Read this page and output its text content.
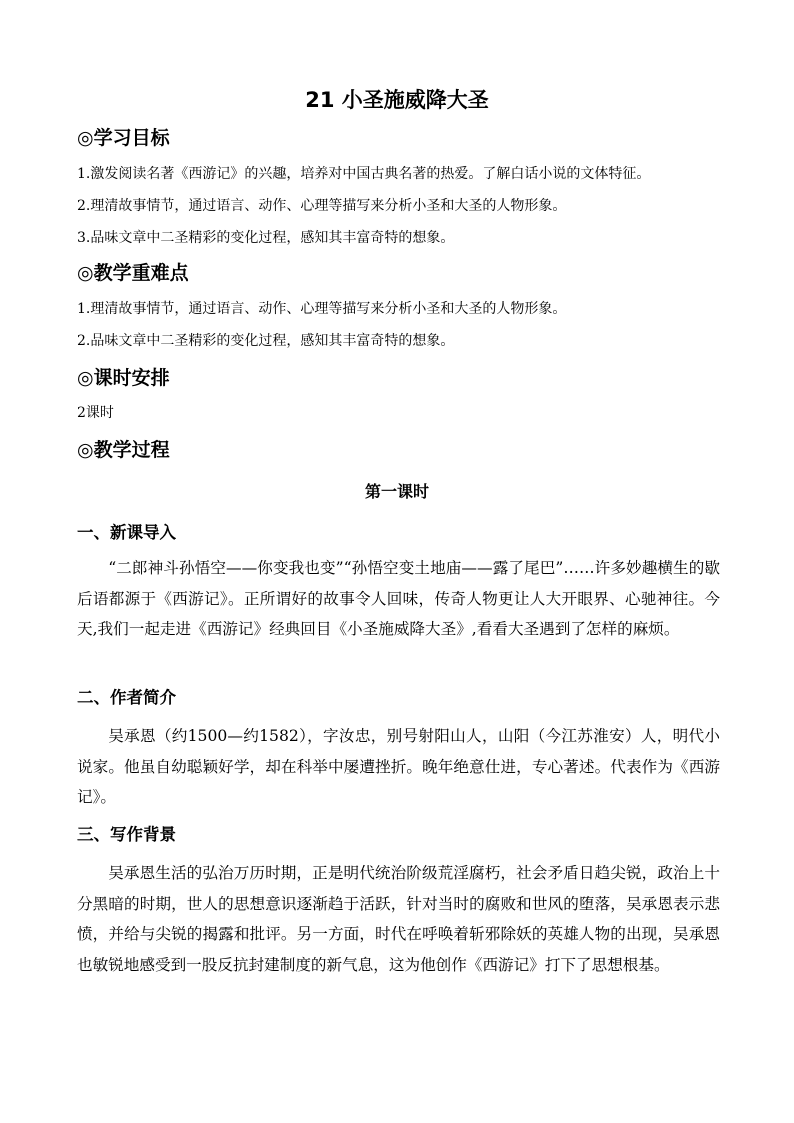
21 小圣施威降大圣
◎学习目标
1.激发阅读名著《西游记》的兴趣，培养对中国古典名著的热爱。了解白话小说的文体特征。
2.理清故事情节，通过语言、动作、心理等描写来分析小圣和大圣的人物形象。
3.品味文章中二圣精彩的变化过程，感知其丰富奇特的想象。
◎教学重难点
1.理清故事情节，通过语言、动作、心理等描写来分析小圣和大圣的人物形象。
2.品味文章中二圣精彩的变化过程，感知其丰富奇特的想象。
◎课时安排
2课时
◎教学过程
第一课时
一、新课导入
“二郎神斗孙悟空——你变我也变”“孙悟空变土地庙——露了尾巴”……许多妙趣横生的歇后语都源于《西游记》。正所谓好的故事令人回味，传奇人物更让人大开眼界、心驰神往。今天,我们一起走进《西游记》经典回目《小圣施威降大圣》,看看大圣遇到了怎样的麻烦。
二、作者简介
吴承恩（约1500—约1582），字汝忠，别号射阳山人，山阳（今江苏淮安）人，明代小说家。他虽自幼聪颖好学，却在科举中屡遭挫折。晚年绝意仕进，专心著述。代表作为《西游记》。
三、写作背景
吴承恩生活的弘治万历时期，正是明代统治阶级荒淫腐朽，社会矛盾日趋尖锐，政治上十分黑暗的时期，世人的思想意识逐渐趋于活跃，针对当时的腐败和世风的堕落，吴承恩表示悲愤，并给与尖锐的揭露和批评。另一方面，时代在呼唤着斩邪除妖的英雄人物的出现，吴承恩也敏锐地感受到一股反抗封建制度的新气息，这为他创作《西游记》打下了思想根基。
